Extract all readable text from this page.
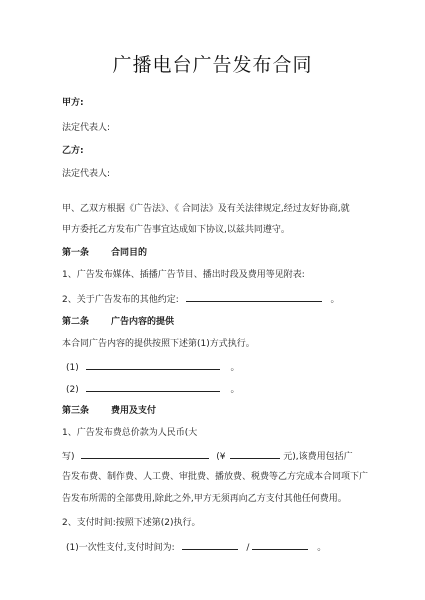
广播电台广告发布合同
甲方:
法定代表人:
乙方:
法定代表人:
甲、乙双方根据《广告法》、《 合同法》及有关法律规定,经过友好协商,就
甲方委托乙方发布广告事宜达成如下协议,以兹共同遵守。
第一条 合同目的
1、广告发布媒体、插播广告节目、播出时段及费用等见附表:
2、关于广告发布的其他约定:	。
第二条 广告内容的提供
本合同广告内容的提供按照下述第(1)方式执行。
(1)	。
(2)	。
第三条 费用及支付
1、广告发布费总价款为人民币(大
写)	(¥	元),该费用包括广
告发布费、制作费、人工费、审批费、播放费、税费等乙方完成本合同项下广
告发布所需的全部费用,除此之外,甲方无须再向乙方支付其他任何费用。
2、支付时间:按照下述第(2)执行。
(1)一次性支付,支付时间为:	/	。
